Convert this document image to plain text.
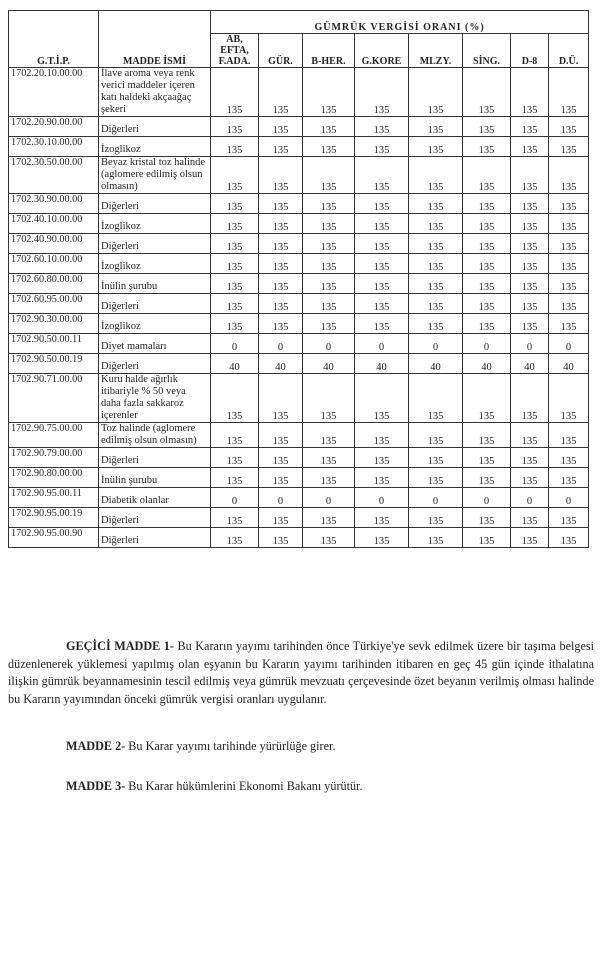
G.T.İ.P.	MADDE İSMİ	GÜMRÜK VERGİSİ ORANI (%)							
		AB, EFTA, F.ADA.	GÜR.	B-HER.	G.KORE	MLZY.	SİNG.	D-8	D.Ü.
1702.20.10.00.00	İlave aroma veya renk verici maddeler içeren katı haldeki akçaağaç şekeri	135	135	135	135	135	135	135	135
1702.20.90.00.00	Diğerleri	135	135	135	135	135	135	135	135
1702.30.10.00.00	İzoglikoz	135	135	135	135	135	135	135	135
1702.30.50.00.00	Beyaz kristal toz halinde (aglomere edilmiş olsun olmasın)	135	135	135	135	135	135	135	135
1702.30.90.00.00	Diğerleri	135	135	135	135	135	135	135	135
1702.40.10.00.00	İzoglikoz	135	135	135	135	135	135	135	135
1702.40.90.00.00	Diğerleri	135	135	135	135	135	135	135	135
1702.60.10.00.00	İzoglikoz	135	135	135	135	135	135	135	135
1702.60.80.00.00	İnülin şurubu	135	135	135	135	135	135	135	135
1702.60.95.00.00	Diğerleri	135	135	135	135	135	135	135	135
1702.90.30.00.00	İzoglikoz	135	135	135	135	135	135	135	135
1702.90.50.00.11	Diyet mamaları	0	0	0	0	0	0	0	0
1702.90.50.00.19	Diğerleri	40	40	40	40	40	40	40	40
1702.90.71.00.00	Kuru halde ağırlık itibariyle % 50 veya daha fazla sakkaroz içerenler	135	135	135	135	135	135	135	135
1702.90.75.00.00	Toz halinde (aglomere edilmiş olsun olmasın)	135	135	135	135	135	135	135	135
1702.90.79.00.00	Diğerleri	135	135	135	135	135	135	135	135
1702.90.80.00.00	İnülin şurubu	135	135	135	135	135	135	135	135
1702.90.95.00.11	Diabetik olanlar	0	0	0	0	0	0	0	0
1702.90.95.00.19	Diğerleri	135	135	135	135	135	135	135	135
1702.90.95.00.90	Diğerleri	135	135	135	135	135	135	135	135
GEÇİCİ MADDE 1- Bu Kararın yayımı tarihinden önce Türkiye'ye sevk edilmek üzere bir taşıma belgesi düzenlenerek yüklemesi yapılmış olan eşyanın bu Kararın yayımı tarihinden itibaren en geç 45 gün içinde ithalatına ilişkin gümrük beyannamesinin tescil edilmiş veya gümrük mevzuatı çerçevesinde özet beyanın verilmiş olması halinde bu Kararın yayımından önceki gümrük vergisi oranları uygulanır.
MADDE 2- Bu Karar yayımı tarihinde yürürlüğe girer.
MADDE 3- Bu Karar hükümlerini Ekonomi Bakanı yürütür.
